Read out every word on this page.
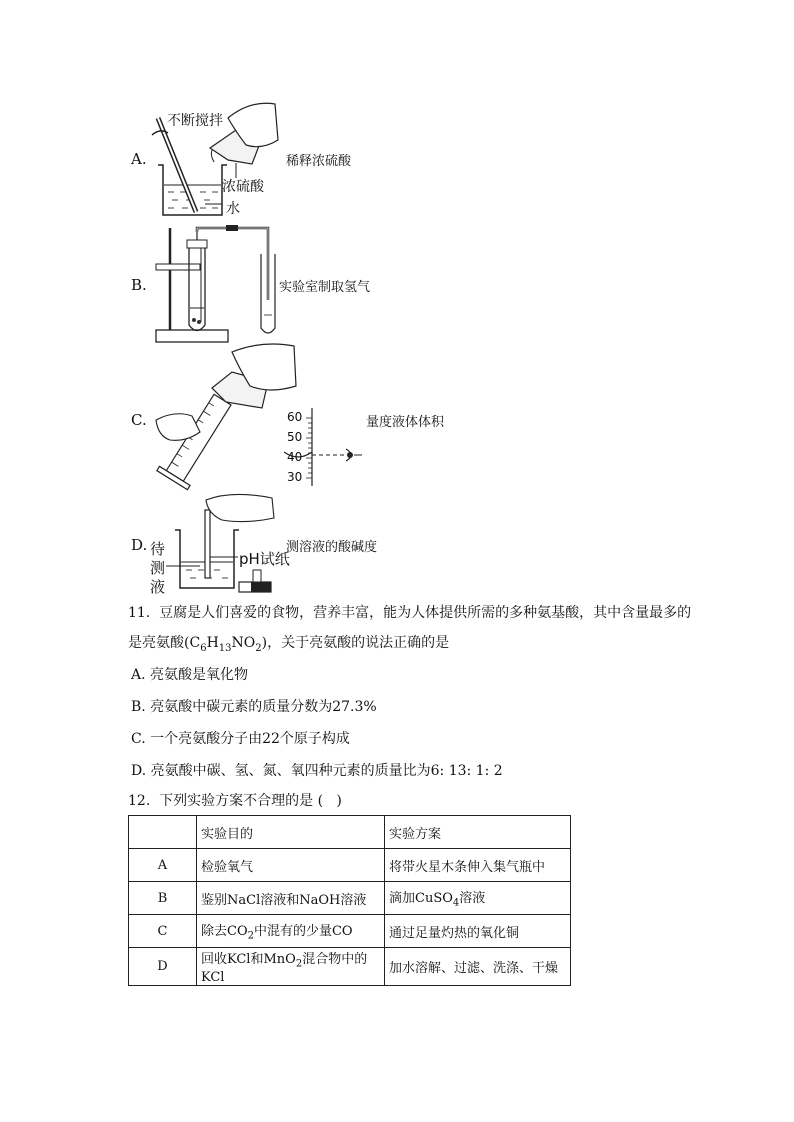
A.
不断搅拌
浓硫酸
水
稀释浓硫酸
B.	实验室制取氢气
C.	60
50
40
30
量度液体体积
D. 待
测
液
pH试纸
测溶液的酸碱度
11.  豆腐是人们喜爱的食物，营养丰富，能为人体提供所需的多种氨基酸，其中含量最多的
是亮氨酸$(C_6H_{13}NO_2)$，关于亮氨酸的说法正确的是
A. 亮氨酸是氧化物
B. 亮氨酸中碳元素的质量分数为27.3%
C. 一个亮氨酸分子由22个原子构成
D. 亮氨酸中碳、氢、氮、氧四种元素的质量比为6: 13: 1: 2
12.  下列实验方案不合理的是 (   )
	实验目的	实验方案
A	检验氧气	将带火星木条伸入集气瓶中
B	鉴别NaCl溶液和NaOH溶液	滴加CuSO$_4$溶液
C	除去$CO_2$中混有的少量CO	通过足量灼热的氧化铜
D	回收KCl和MnO$_2$混合物中的KCl	加水溶解、过滤、洗涤、干燥
